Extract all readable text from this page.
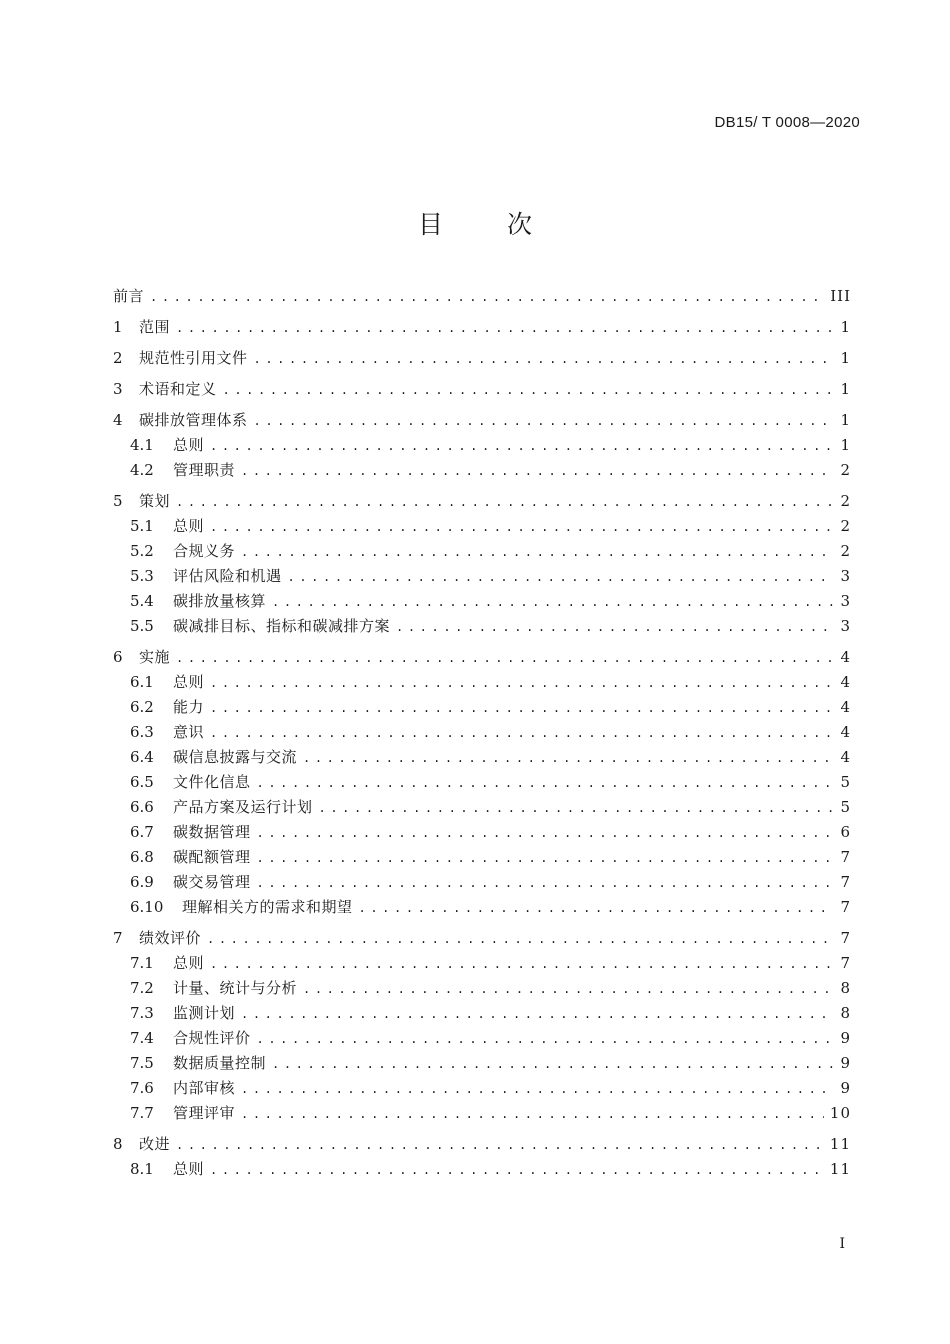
DB15/ T 0008—2020
目 次
前言 .....	III
1	范围 .....	1
2	规范性引用文件 .....	1
3	术语和定义 .....	1
4	碳排放管理体系 .....	1
4.1	总则 .....	1
4.2	管理职责 .....	2
5	策划 .....	2
5.1	总则 .....	2
5.2	合规义务 .....	2
5.3	评估风险和机遇 .....	3
5.4	碳排放量核算 .....	3
5.5	碳减排目标、指标和碳减排方案 .....	3
6	实施 .....	4
6.1	总则 .....	4
6.2	能力 .....	4
6.3	意识 .....	4
6.4	碳信息披露与交流 .....	4
6.5	文件化信息 .....	5
6.6	产品方案及运行计划 .....	5
6.7	碳数据管理 .....	6
6.8	碳配额管理 .....	7
6.9	碳交易管理 .....	7
6.10	理解相关方的需求和期望 .....	7
7	绩效评价 .....	7
7.1	总则 .....	7
7.2	计量、统计与分析 .....	8
7.3	监测计划 .....	8
7.4	合规性评价 .....	9
7.5	数据质量控制 .....	9
7.6	内部审核 .....	9
7.7	管理评审 .....	10
8	改进 .....	11
8.1	总则 .....	11
I
